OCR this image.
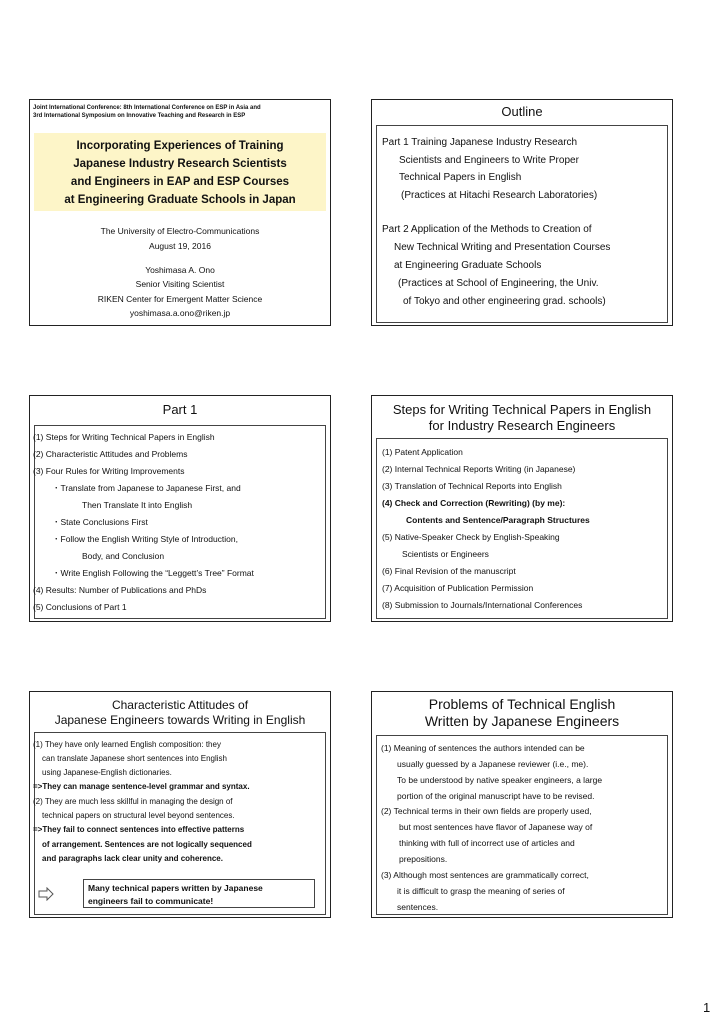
Joint International Conference: 8th International Conference on ESP in Asia and
3rd International Symposium on Innovative Teaching and Research in ESP
Incorporating Experiences of Training
Japanese Industry Research Scientists
and Engineers in EAP and ESP Courses
at Engineering Graduate Schools in Japan
The University of Electro-Communications
August 19, 2016
Yoshimasa A. Ono
Senior Visiting Scientist
RIKEN Center for Emergent Matter Science
yoshimasa.a.ono@riken.jp
Outline
Part 1 Training Japanese Industry Research
Scientists and Engineers to Write Proper
Technical Papers in English
(Practices at Hitachi Research Laboratories)
Part 2 Application of the Methods to Creation of
New Technical Writing and Presentation Courses
at Engineering Graduate Schools
(Practices at School of Engineering, the Univ.
of Tokyo and other engineering grad. schools)
Part 1
(1) Steps for Writing Technical Papers in English
(2) Characteristic Attitudes and Problems
(3) Four Rules for Writing Improvements
・Translate from Japanese to Japanese First, and
Then Translate It into English
・State Conclusions First
・Follow the English Writing Style of Introduction,
Body, and Conclusion
・Write English Following the “Leggett’s Tree” Format
(4) Results: Number of Publications and PhDs
(5) Conclusions of Part 1
Steps for Writing Technical Papers in English
for Industry Research Engineers
(1) Patent Application
(2) Internal Technical Reports Writing (in Japanese)
(3) Translation of Technical Reports into English
(4) Check and Correction (Rewriting) (by me):
Contents and Sentence/Paragraph Structures
(5) Native-Speaker Check by English-Speaking
Scientists or Engineers
(6) Final Revision of the manuscript
(7) Acquisition of Publication Permission
(8) Submission to Journals/International Conferences
Characteristic Attitudes of
Japanese Engineers towards Writing in English
(1) They have only learned English composition: they
can translate Japanese short sentences into English
using Japanese-English dictionaries.
=>They can manage sentence-level grammar and syntax.
(2) They are much less skillful in managing the design of
technical papers on structural level beyond sentences.
=>They fail to connect sentences into effective patterns
of arrangement. Sentences are not logically sequenced
and paragraphs lack clear unity and coherence.
Many technical papers written by Japanese
engineers fail to communicate!
Problems of Technical English
Written by Japanese Engineers
(1) Meaning of sentences the authors intended can be
usually guessed by a Japanese reviewer (i.e., me).
To be understood by native speaker engineers, a large
portion of the original manuscript have to be revised.
(2) Technical terms in their own fields are properly used,
but most sentences have flavor of Japanese way of
thinking with full of incorrect use of articles and
prepositions.
(3) Although most sentences are grammatically correct,
it is difficult to grasp the meaning of series of
sentences.
1
